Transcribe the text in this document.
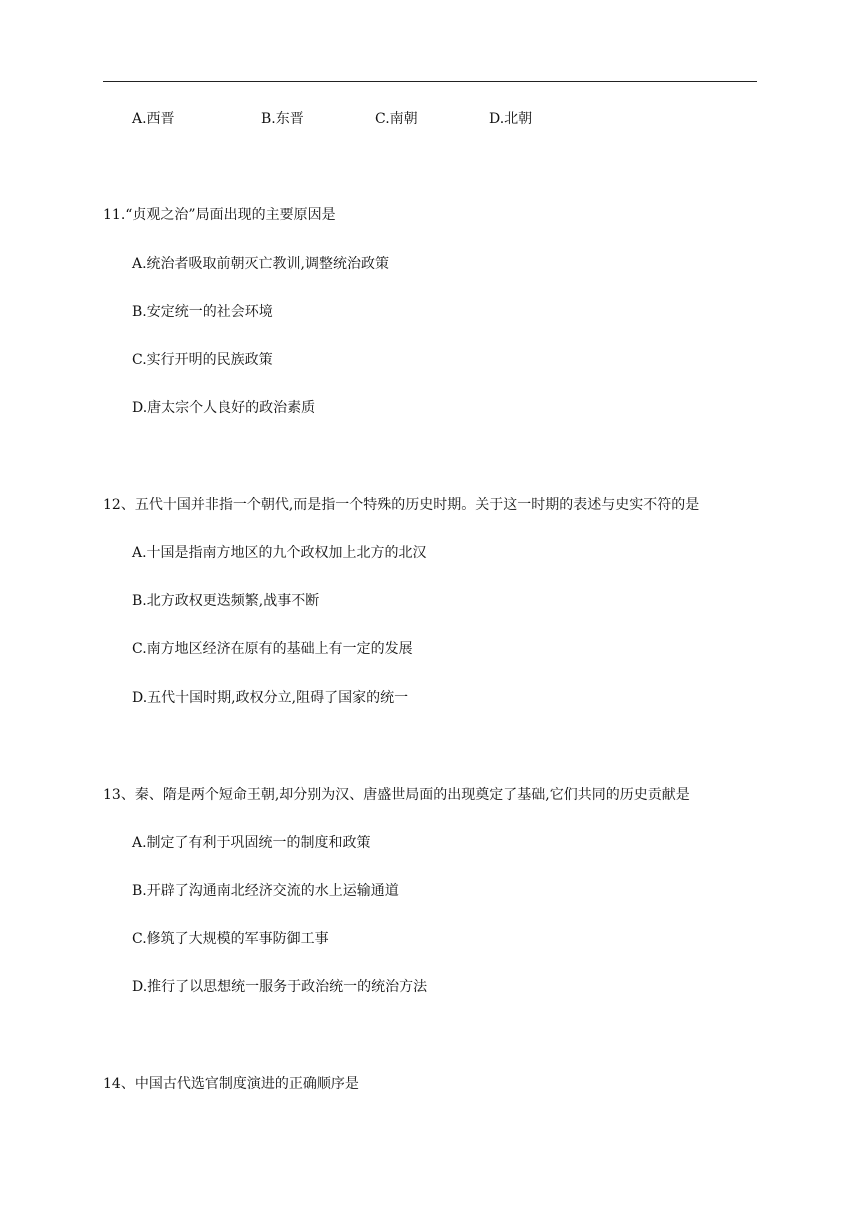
A.西晋	B.东晋	C.南朝	D.北朝
11.“贞观之治”局面出现的主要原因是
A.统治者吸取前朝灭亡教训,调整统治政策
B.安定统一的社会环境
C.实行开明的民族政策
D.唐太宗个人良好的政治素质
12、五代十国并非指一个朝代,而是指一个特殊的历史时期。关于这一时期的表述与史实不符的是
A.十国是指南方地区的九个政权加上北方的北汉
B.北方政权更迭频繁,战事不断
C.南方地区经济在原有的基础上有一定的发展
D.五代十国时期,政权分立,阻碍了国家的统一
13、秦、隋是两个短命王朝,却分别为汉、唐盛世局面的出现奠定了基础,它们共同的历史贡献是
A.制定了有利于巩固统一的制度和政策
B.开辟了沟通南北经济交流的水上运输通道
C.修筑了大规模的军事防御工事
D.推行了以思想统一服务于政治统一的统治方法
14、中国古代选官制度演进的正确顺序是
